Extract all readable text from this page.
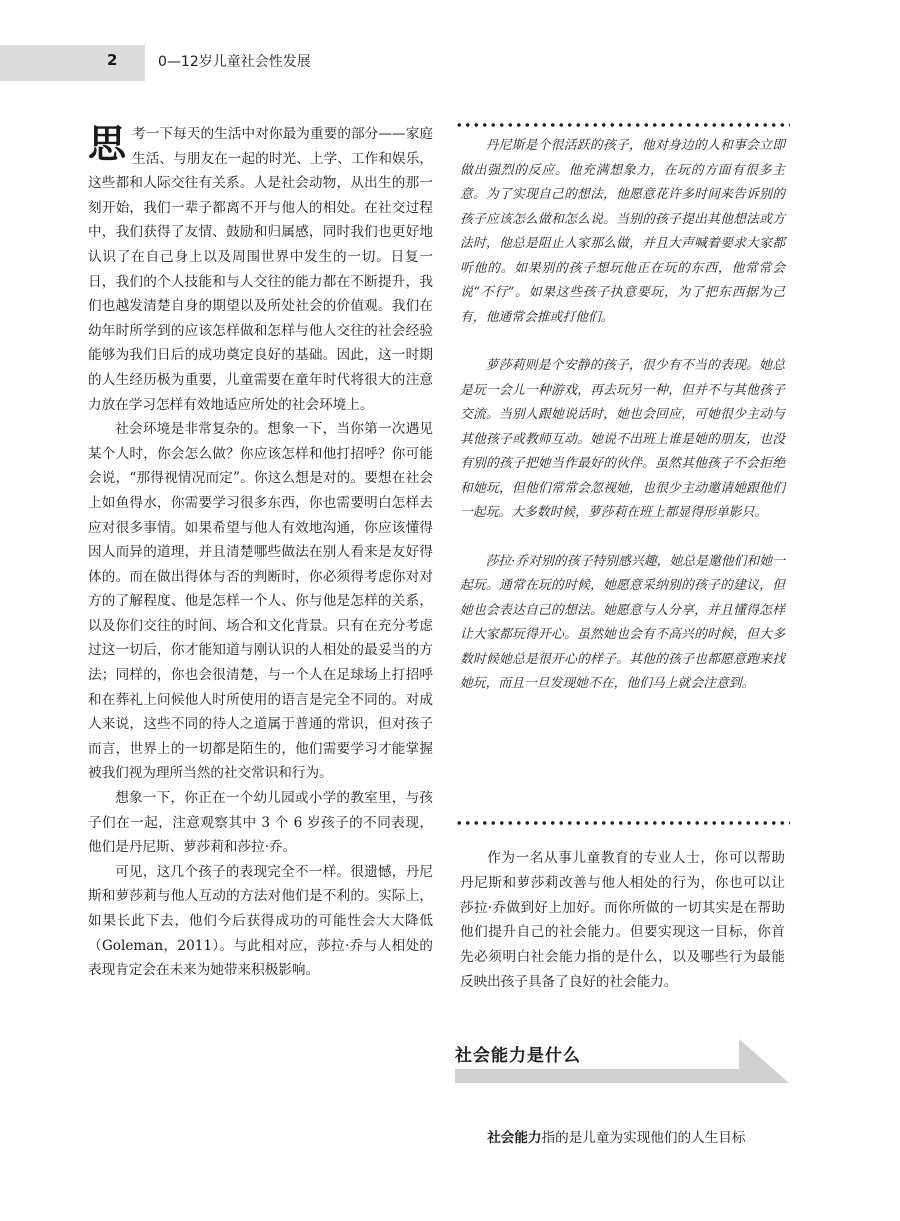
2	0—12岁儿童社会性发展

思考一下每天的生活中对你最为重要的部分——家庭生活、与朋友在一起的时光、上学、工作和娱乐，这些都和人际交往有关系。人是社会动物，从出生的那一刻开始，我们一辈子都离不开与他人的相处。在社交过程中，我们获得了友情、鼓励和归属感，同时我们也更好地认识了在自己身上以及周围世界中发生的一切。日复一日，我们的个人技能和与人交往的能力都在不断提升，我们也越发清楚自身的期望以及所处社会的价值观。我们在幼年时所学到的应该怎样做和怎样与他人交往的社会经验能够为我们日后的成功奠定良好的基础。因此，这一时期的人生经历极为重要，儿童需要在童年时代将很大的注意力放在学习怎样有效地适应所处的社会环境上。

社会环境是非常复杂的。想象一下，当你第一次遇见某个人时，你会怎么做？你应该怎样和他打招呼？你可能会说，“那得视情况而定”。你这么想是对的。要想在社会上如鱼得水，你需要学习很多东西，你也需要明白怎样去应对很多事情。如果希望与他人有效地沟通，你应该懂得因人而异的道理，并且清楚哪些做法在别人看来是友好得体的。而在做出得体与否的判断时，你必须得考虑你对对方的了解程度、他是怎样一个人、你与他是怎样的关系，以及你们交往的时间、场合和文化背景。只有在充分考虑过这一切后，你才能知道与刚认识的人相处的最妥当的方法；同样的，你也会很清楚，与一个人在足球场上打招呼和在葬礼上问候他人时所使用的语言是完全不同的。对成人来说，这些不同的待人之道属于普通的常识，但对孩子而言，世界上的一切都是陌生的，他们需要学习才能掌握被我们视为理所当然的社交常识和行为。

想象一下，你正在一个幼儿园或小学的教室里，与孩子们在一起，注意观察其中 3 个 6 岁孩子的不同表现，他们是丹尼斯、萝莎莉和莎拉·乔。

可见，这几个孩子的表现完全不一样。很遗憾，丹尼斯和萝莎莉与他人互动的方法对他们是不利的。实际上，如果长此下去，他们今后获得成功的可能性会大大降低（Goleman，2011）。与此相对应，莎拉·乔与人相处的表现肯定会在未来为她带来积极影响。

丹尼斯是个很活跃的孩子，他对身边的人和事会立即做出强烈的反应。他充满想象力，在玩的方面有很多主意。为了实现自己的想法，他愿意花许多时间来告诉别的孩子应该怎么做和怎么说。当别的孩子提出其他想法或方法时，他总是阻止人家那么做，并且大声喊着要求大家都听他的。如果别的孩子想玩他正在玩的东西，他常常会说“不行”。如果这些孩子执意要玩，为了把东西据为己有，他通常会推或打他们。

萝莎莉则是个安静的孩子，很少有不当的表现。她总是玩一会儿一种游戏，再去玩另一种，但并不与其他孩子交流。当别人跟她说话时，她也会回应，可她很少主动与其他孩子或教师互动。她说不出班上谁是她的朋友，也没有别的孩子把她当作最好的伙伴。虽然其他孩子不会拒绝和她玩，但他们常常会忽视她，也很少主动邀请她跟他们一起玩。大多数时候，萝莎莉在班上都显得形单影只。

莎拉·乔对别的孩子特别感兴趣，她总是邀他们和她一起玩。通常在玩的时候，她愿意采纳别的孩子的建议，但她也会表达自己的想法。她愿意与人分享，并且懂得怎样让大家都玩得开心。虽然她也会有不高兴的时候，但大多数时候她总是很开心的样子。其他的孩子也都愿意跑来找她玩，而且一旦发现她不在，他们马上就会注意到。

作为一名从事儿童教育的专业人士，你可以帮助丹尼斯和萝莎莉改善与他人相处的行为，你也可以让莎拉·乔做到好上加好。而你所做的一切其实是在帮助他们提升自己的社会能力。但要实现这一目标，你首先必须明白社会能力指的是什么，以及哪些行为最能反映出孩子具备了良好的社会能力。

社会能力是什么

社会能力指的是儿童为实现他们的人生目标
